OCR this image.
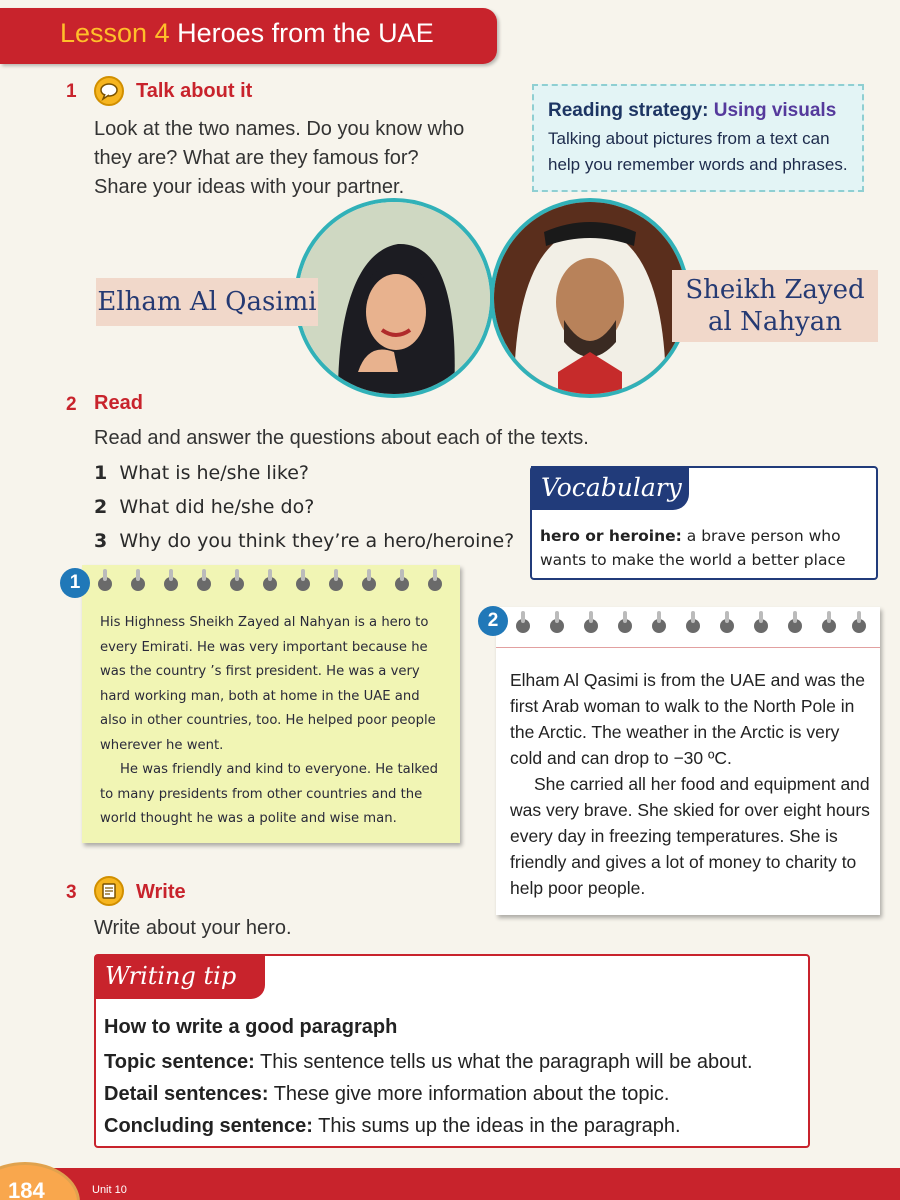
Lesson 4 Heroes from the UAE
1	Talk about it
Look at the two names. Do you know who
they are? What are they famous for?
Share your ideas with your partner.
Reading strategy: Using visuals
Talking about pictures from a text can
help you remember words and phrases.
Elham Al Qasimi	Sheikh Zayed
al Nahyan
2 Read
Read and answer the questions about each of the texts.
1 What is he/she like?
2 What did he/she do?
3 Why do you think they’re a hero/heroine?
Vocabulary
hero or heroine: a brave person who
wants to make the world a better place
His Highness Sheikh Zayed al Nahyan is a hero to
every Emirati. He was very important because he
was the country ’s first president. He was a very
hard working man, both at home in the UAE and
also in other countries, too. He helped poor people
wherever he went.
He was friendly and kind to everyone. He talked
to many presidents from other countries and the
world thought he was a polite and wise man.
1
Elham Al Qasimi is from the UAE and was the
first Arab woman to walk to the North Pole in
the Arctic. The weather in the Arctic is very
cold and can drop to −30 ºC.
She carried all her food and equipment and
was very brave. She skied for over eight hours
every day in freezing temperatures. She is
friendly and gives a lot of money to charity to
help poor people.
2
3	Write
Write about your hero.
Writing tip
How to write a good paragraph
Topic sentence: This sentence tells us what the paragraph will be about.
Detail sentences: These give more information about the topic.
Concluding sentence: This sums up the ideas in the paragraph.
184	Unit 10
